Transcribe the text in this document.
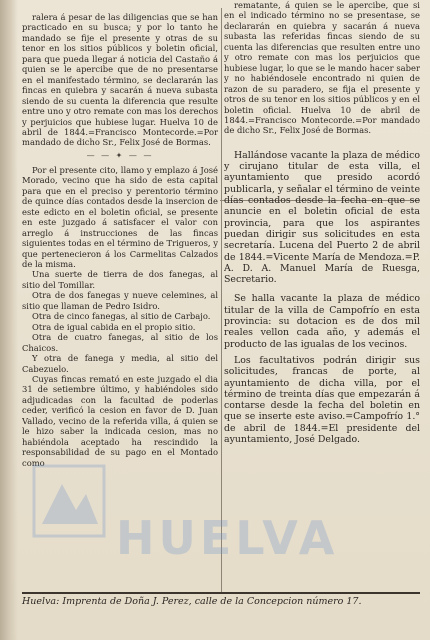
ralera á pesar de las diligencias que se han practicado en su busca; y por lo tanto he mandado se fije el presente y otras de su tenor en los sitios públicos y boletin oficial, para que pueda llegar á noticia del Castaño á quien se le apercibe que de no presentarse en el manifestado término, se declararán las fincas en quiebra y sacarán á nueva subasta siendo de su cuenta la diferencia que resulte entre uno y otro remate con mas los derechos y perjuicios que hubiese lugar. Huelva 10 de abril de 1844.=Francisco Montecorde.=Por mandado de dicho Sr., Felix José de Bormas.

— — ✦ — —

Por el presente cito, llamo y emplazo á José Morado, vecino que ha sido de esta capital para que en el preciso y perentorio término de quince días contados desde la insercion de este edicto en el boletin oficial, se presente en este juzgado á satisfacer el valor con arreglo á instrucciones de las fincas siguientes todas en el término de Trigueros, y que pertenecieron á los Carmelitas Calzados de la misma.

Una suerte de tierra de dos fanegas, al sitio del Tomillar.

Otra de dos fanegas y nueve celemines, al sitio que llaman de Pedro Isidro.

Otra de cinco fanegas, al sitio de Carbajo.

Otra de igual cabida en el propio sitio.

Otra de cuatro fanegas, al sitio de los Chaicos.

Y otra de fanega y media, al sitio del Cabezuelo.

Cuyas fincas remató en este juzgado el dia 31 de setiembre último, y habiéndoles sido adjudicadas con la facultad de poderlas ceder, verificó la cesion en favor de D. Juan Vallado, vecino de la referida villa, á quien se le hizo saber la indicada cesion, mas no habiéndola aceptado ha rescindido la responsabilidad de su pago en el Montado como

rematante, á quien se le apercibe, que si en el indicado término no se presentase, se declararán en quiebra y sacarán á nueva subasta las referidas fincas siendo de su cuenta las diferencias que resulten entre uno y otro remate con mas los perjuicios que hubiese lugar, lo que se le mando hacer saber y no habiéndosele encontrado ni quien de razon de su paradero, se fija el presente y otros de su tenor en los sitios públicos y en el boletin oficial. Huelva 10 de abril de 1844.=Francisco Montecorde.=Por mandado de dicho Sr., Felix José de Bormas.

Hallándose vacante la plaza de médico y cirujano titular de esta villa, el ayuntamiento que presido acordó publicarla, y señalar el término de veinte días contados desde la fecha en que se anuncie en el boletin oficial de esta provincia, para que los aspirantes puedan dirigir sus solicitudes en esta secretaría. Lucena del Puerto 2 de abril de 1844.=Vicente María de Mendoza.=P. A. D. A. Manuel María de Ruesga, Secretario.

Se halla vacante la plaza de médico titular de la villa de Campofrío en esta provincia: su dotacion es de dos mil reales vellon cada año, y además el producto de las igualas de los vecinos.

Los facultativos podrán dirigir sus solicitudes, francas de porte, al ayuntamiento de dicha villa, por el término de treinta días que empezarán á contarse desde la fecha del boletin en que se inserte este aviso.=Campofrío 1.° de abril de 1844.=El presidente del ayuntamiento, José Delgado.

HUELVA
Huelva: Imprenta de Doña J. Perez, calle de la Concepcion número 17.
